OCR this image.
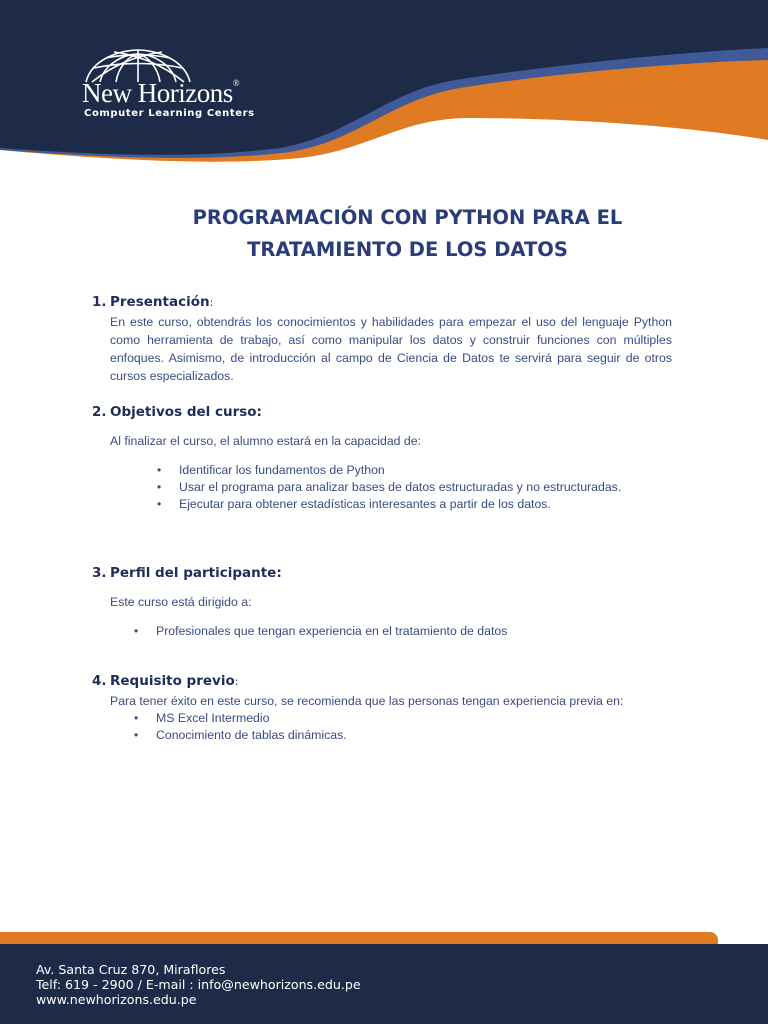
New Horizons®
Computer Learning Centers
PROGRAMACIÓN CON PYTHON PARA EL
TRATAMIENTO DE LOS DATOS
1. Presentación:

En este curso, obtendrás los conocimientos y habilidades para empezar el uso del lenguaje Python como herramienta de trabajo, así como manipular los datos y construir funciones con múltiples enfoques. Asimismo, de introducción al campo de Ciencia de Datos te servirá para seguir de otros cursos especializados.

2. Objetivos del curso:

Al finalizar el curso, el alumno estará en la capacidad de:

• Identificar los fundamentos de Python
• Usar el programa para analizar bases de datos estructuradas y no estructuradas.
• Ejecutar para obtener estadísticas interesantes a partir de los datos.
3. Perfil del participante:

Este curso está dirigido a:

• Profesionales que tengan experiencia en el tratamiento de datos
4. Requisito previo:

Para tener éxito en este curso, se recomienda que las personas tengan experiencia previa en:

• MS Excel Intermedio
• Conocimiento de tablas dinámicas.
Av. Santa Cruz 870, Miraflores
Telf: 619 - 2900 / E-mail : info@newhorizons.edu.pe
www.newhorizons.edu.pe
